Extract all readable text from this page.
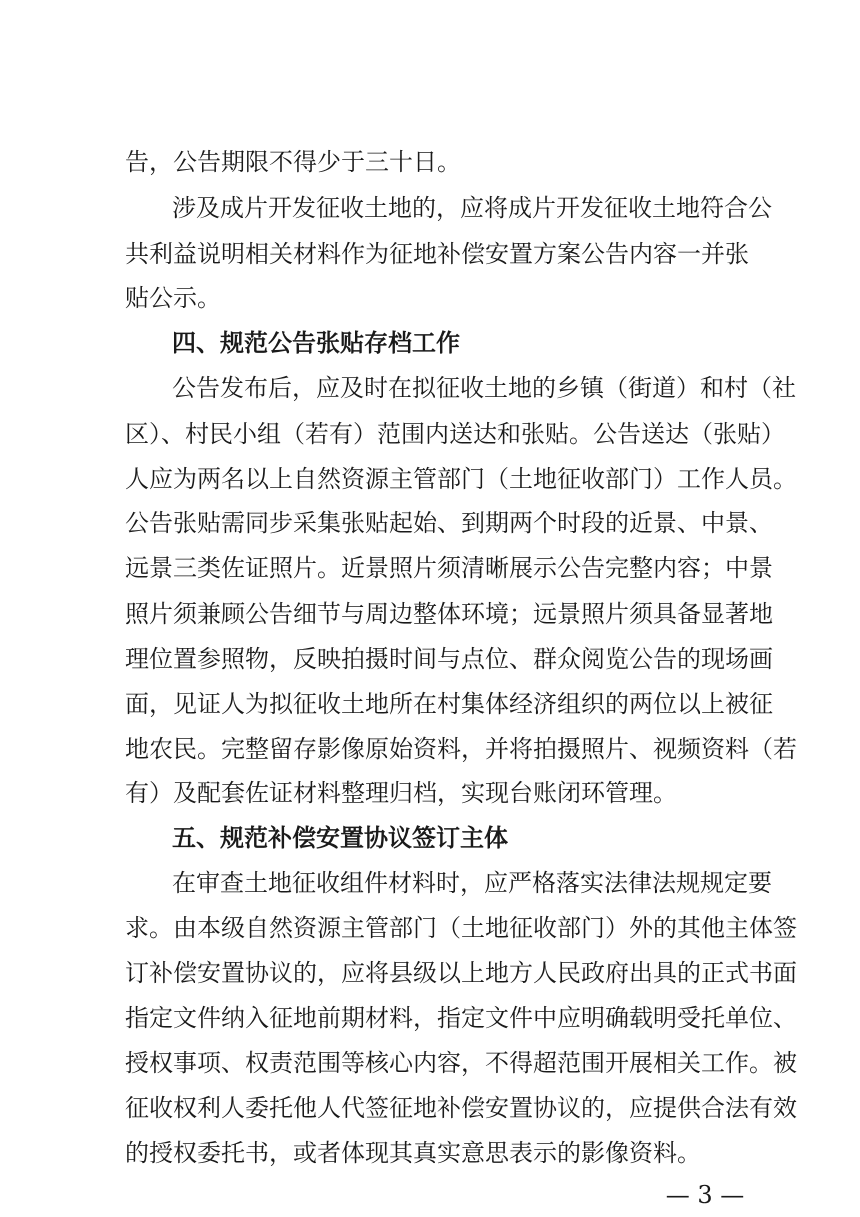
告，公告期限不得少于三十日。
涉及成片开发征收土地的，应将成片开发征收土地符合公
共利益说明相关材料作为征地补偿安置方案公告内容一并张
贴公示。
四、规范公告张贴存档工作
公告发布后，应及时在拟征收土地的乡镇（街道）和村（社
区）、村民小组（若有）范围内送达和张贴。公告送达（张贴）
人应为两名以上自然资源主管部门（土地征收部门）工作人员。
公告张贴需同步采集张贴起始、到期两个时段的近景、中景、
远景三类佐证照片。近景照片须清晰展示公告完整内容；中景
照片须兼顾公告细节与周边整体环境；远景照片须具备显著地
理位置参照物，反映拍摄时间与点位、群众阅览公告的现场画
面，见证人为拟征收土地所在村集体经济组织的两位以上被征
地农民。完整留存影像原始资料，并将拍摄照片、视频资料（若
有）及配套佐证材料整理归档，实现台账闭环管理。
五、规范补偿安置协议签订主体
在审查土地征收组件材料时，应严格落实法律法规规定要
求。由本级自然资源主管部门（土地征收部门）外的其他主体签
订补偿安置协议的，应将县级以上地方人民政府出具的正式书面
指定文件纳入征地前期材料，指定文件中应明确载明受托单位、
授权事项、权责范围等核心内容，不得超范围开展相关工作。被
征收权利人委托他人代签征地补偿安置协议的，应提供合法有效
的授权委托书，或者体现其真实意思表示的影像资料。
— 3 —
